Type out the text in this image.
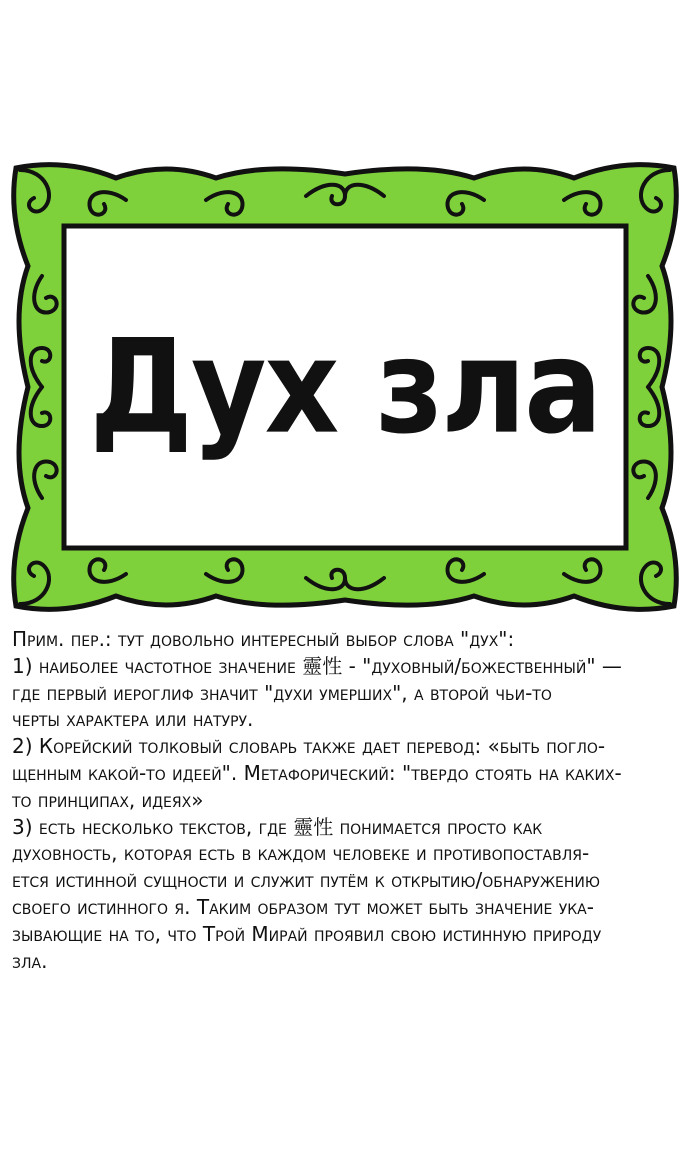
Дух зла

Прим. пер.: тут довольно интересный выбор слова "дух":

1) наиболее частотное значение 靈性 - "духовный/божественный" —

где первый иероглиф значит "духи умерших", а второй чьи-то

черты характера или натуру.

2) Корейский толковый словарь также дает перевод: «быть погло-

щенным какой-то идеей". Метафорический: "твердо стоять на каких-

то принципах, идеях»

3) есть несколько текстов, где 靈性 понимается просто как

духовность, которая есть в каждом человеке и противопоставля-

ется истинной сущности и служит путём к открытию/обнаружению

своего истинного я. Таким образом тут может быть значение ука-

зывающие на то, что Трой Мирай проявил свою истинную природу

зла.
